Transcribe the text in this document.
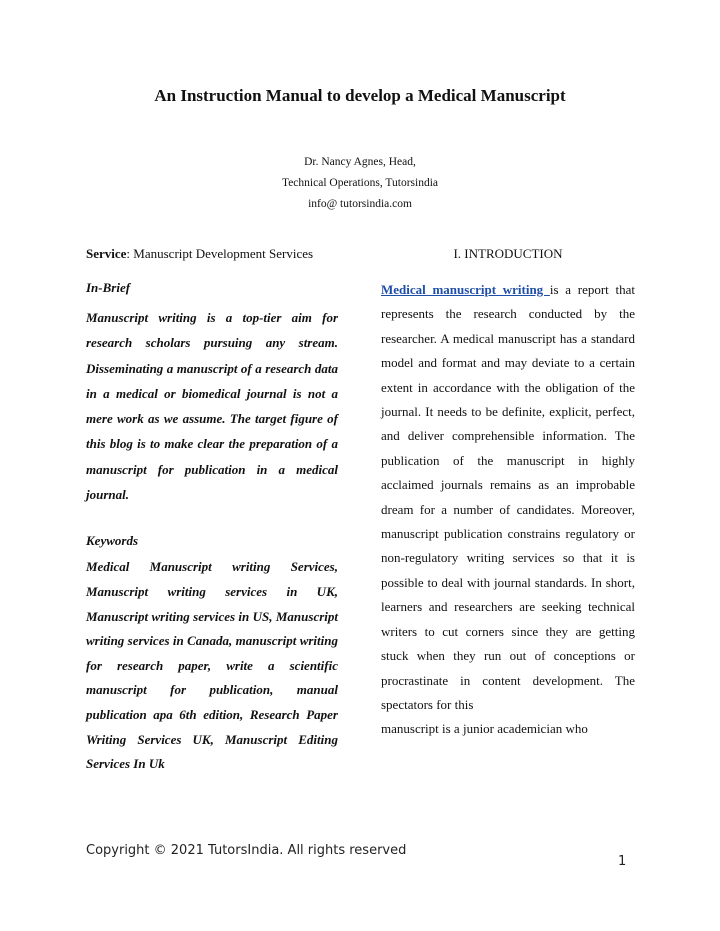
An Instruction Manual to develop a Medical Manuscript
Dr. Nancy Agnes, Head,
Technical Operations, Tutorsindia
info@ tutorsindia.com
Service: Manuscript Development Services
In-Brief
Manuscript writing is a top-tier aim for research scholars pursuing any stream. Disseminating a manuscript of a research data in a medical or biomedical journal is not a mere work as we assume. The target figure of this blog is to make clear the preparation of a manuscript for publication in a medical journal.
Keywords
Medical Manuscript writing Services, Manuscript writing services in UK, Manuscript writing services in US, Manuscript writing services in Canada, manuscript writing for research paper, write a scientific manuscript for publication, manual publication apa 6th edition, Research Paper Writing Services UK, Manuscript Editing Services In Uk
I. INTRODUCTION
Medical manuscript writing is a report that represents the research conducted by the researcher. A medical manuscript has a standard model and format and may deviate to a certain extent in accordance with the obligation of the journal. It needs to be definite, explicit, perfect, and deliver comprehensible information. The publication of the manuscript in highly acclaimed journals remains as an improbable dream for a number of candidates. Moreover, manuscript publication constrains regulatory or non-regulatory writing services so that it is possible to deal with journal standards. In short, learners and researchers are seeking technical writers to cut corners since they are getting stuck when they run out of conceptions or procrastinate in content development. The spectators for this
manuscript is a junior academician who
Copyright © 2021 TutorsIndia. All rights reserved
1
